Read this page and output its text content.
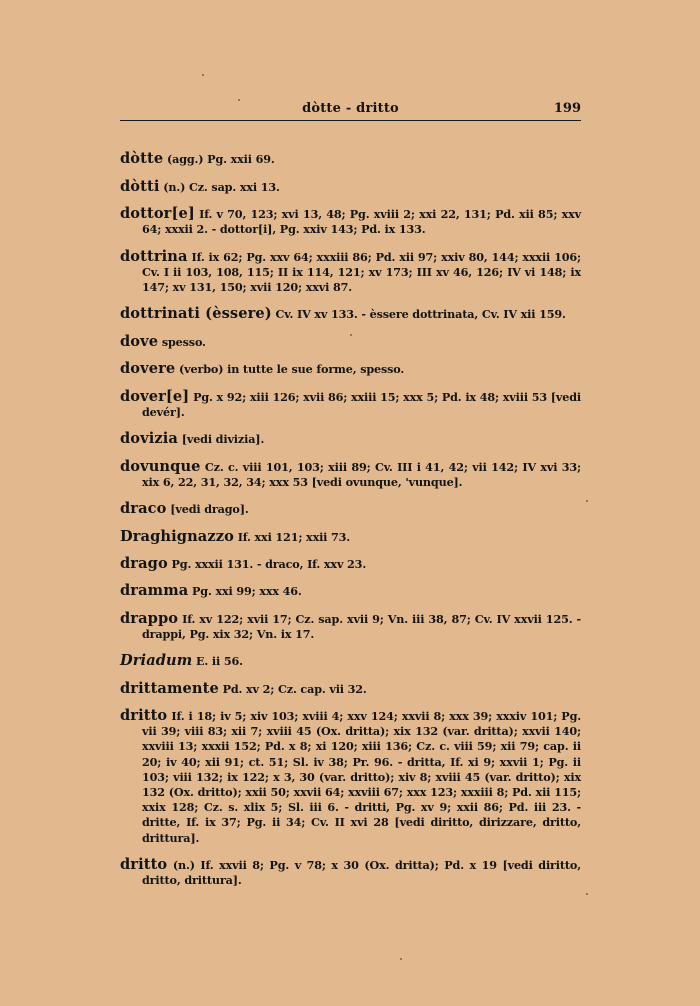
dòtte - dritto	199

dòtte (agg.) Pg. xxii 69.

dòtti (n.) Cz. sap. xxi 13.

dottor[e] If. v 70, 123; xvi 13, 48; Pg. xviii 2; xxi 22, 131; Pd. xii 85; xxv 64; xxxii 2. - dottor[i], Pg. xxiv 143; Pd. ix 133.

dottrina If. ix 62; Pg. xxv 64; xxxiii 86; Pd. xii 97; xxiv 80, 144; xxxii 106; Cv. I ii 103, 108, 115; II ix 114, 121; xv 173; III xv 46, 126; IV vi 148; ix 147; xv 131, 150; xvii 120; xxvi 87.

dottrinati (èssere) Cv. IV xv 133. - èssere dottrinata, Cv. IV xii 159.

dove spesso.

dovere (verbo) in tutte le sue forme, spesso.

dover[e] Pg. x 92; xiii 126; xvii 86; xxiii 15; xxx 5; Pd. ix 48; xviii 53 [vedi devér].

dovizia [vedi divizia].

dovunque Cz. c. viii 101, 103; xiii 89; Cv. III i 41, 42; vii 142; IV xvi 33; xix 6, 22, 31, 32, 34; xxx 53 [vedi ovunque, 'vunque].

draco [vedi drago].

Draghignazzo If. xxi 121; xxii 73.

drago Pg. xxxii 131. - draco, If. xxv 23.

dramma Pg. xxi 99; xxx 46.

drappo If. xv 122; xvii 17; Cz. sap. xvii 9; Vn. iii 38, 87; Cv. IV xxvii 125. - drappi, Pg. xix 32; Vn. ix 17.

Driadum E. ii 56.

drittamente Pd. xv 2; Cz. cap. vii 32.

dritto If. i 18; iv 5; xiv 103; xviii 4; xxv 124; xxvii 8; xxx 39; xxxiv 101; Pg. vii 39; viii 83; xii 7; xviii 45 (Ox. dritta); xix 132 (var. dritta); xxvii 140; xxviii 13; xxxii 152; Pd. x 8; xi 120; xiii 136; Cz. c. viii 59; xii 79; cap. ii 20; iv 40; xii 91; ct. 51; Sl. iv 38; Pr. 96. - dritta, If. xi 9; xxvii 1; Pg. ii 103; viii 132; ix 122; x 3, 30 (var. dritto); xiv 8; xviii 45 (var. dritto); xix 132 (Ox. dritto); xxii 50; xxvii 64; xxviii 67; xxx 123; xxxiii 8; Pd. xii 115; xxix 128; Cz. s. xlix 5; Sl. iii 6. - dritti, Pg. xv 9; xxii 86; Pd. iii 23. - dritte, If. ix 37; Pg. ii 34; Cv. II xvi 28 [vedi diritto, dirizzare, dritto, drittura].

dritto (n.) If. xxvii 8; Pg. v 78; x 30 (Ox. dritta); Pd. x 19 [vedi diritto, dritto, drittura].
